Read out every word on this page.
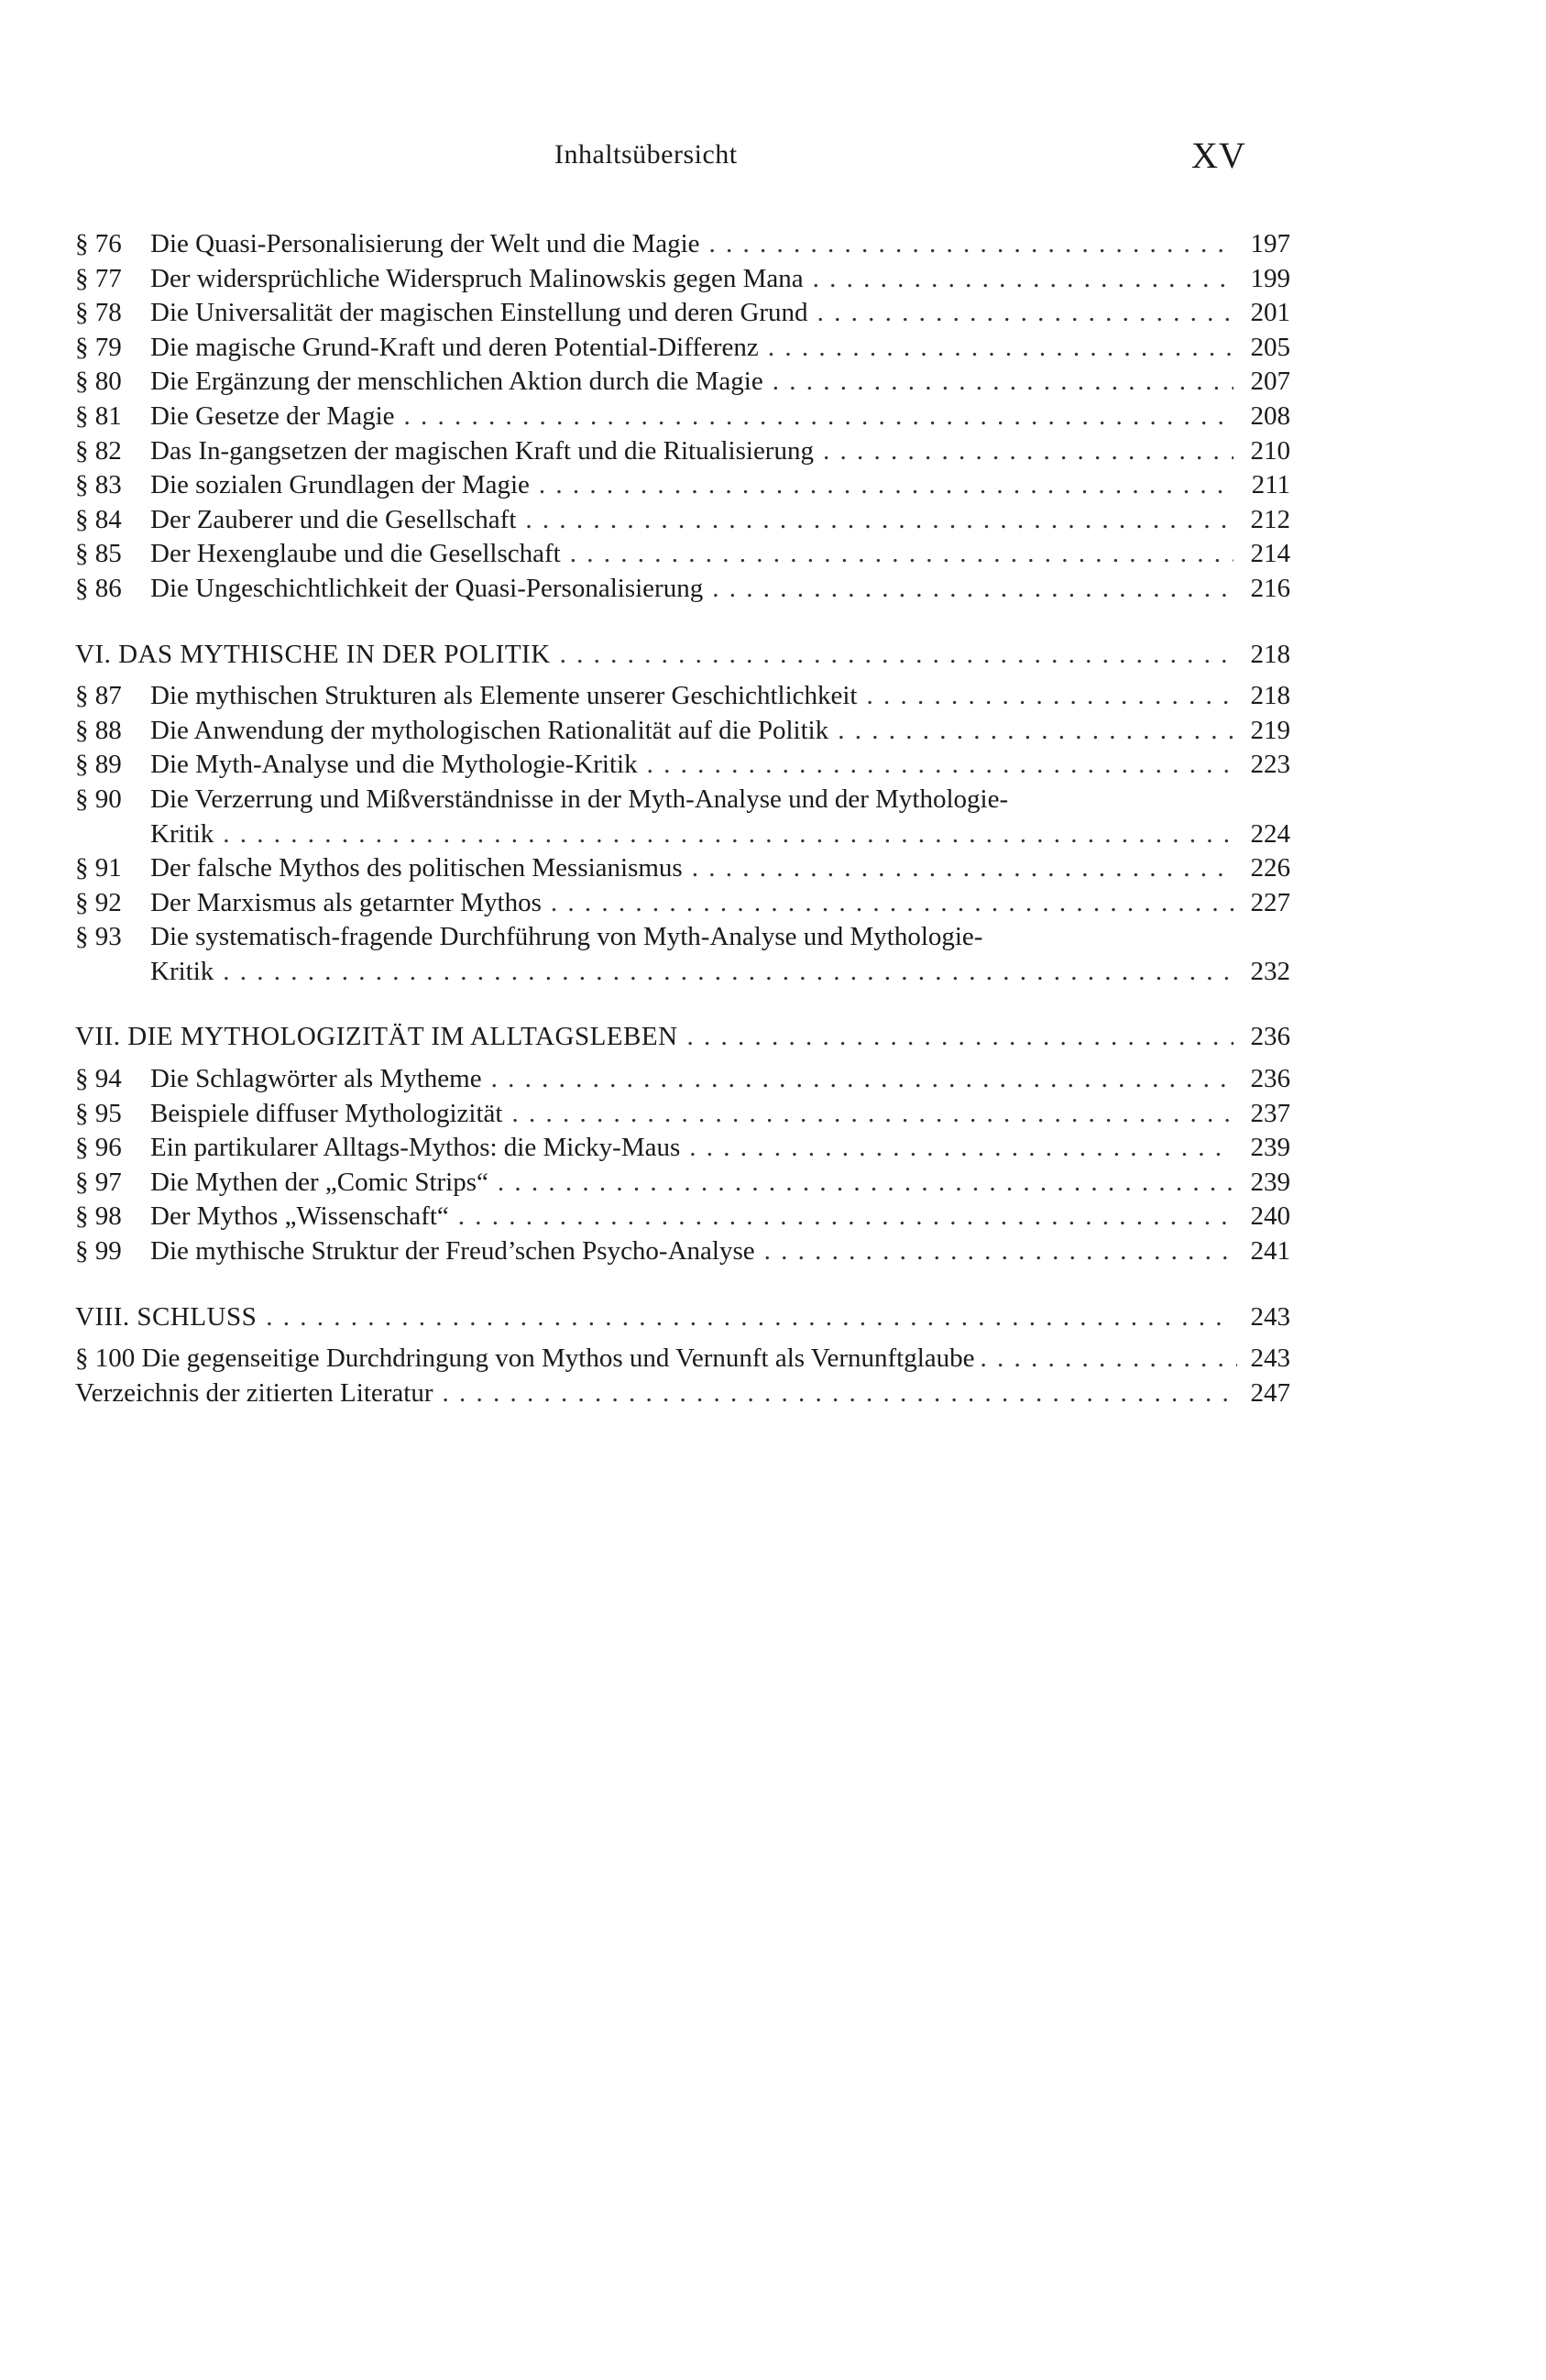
Inhaltsübersicht	XV
§ 76	Die Quasi-Personalisierung der Welt und die Magie . . .	197
§ 77	Der widersprüchliche Widerspruch Malinowskis gegen Mana . . .	199
§ 78	Die Universalität der magischen Einstellung und deren Grund . . .	201
§ 79	Die magische Grund-Kraft und deren Potential-Differenz . . .	205
§ 80	Die Ergänzung der menschlichen Aktion durch die Magie . . .	207
§ 81	Die Gesetze der Magie . . .	208
§ 82	Das In-gangsetzen der magischen Kraft und die Ritualisierung . . .	210
§ 83	Die sozialen Grundlagen der Magie . . .	211
§ 84	Der Zauberer und die Gesellschaft . . .	212
§ 85	Der Hexenglaube und die Gesellschaft . . .	214
§ 86	Die Ungeschichtlichkeit der Quasi-Personalisierung . . .	216
VI. DAS MYTHISCHE IN DER POLITIK . . .	218
§ 87	Die mythischen Strukturen als Elemente unserer Geschichtlichkeit . . .	218
§ 88	Die Anwendung der mythologischen Rationalität auf die Politik . . .	219
§ 89	Die Myth-Analyse und die Mythologie-Kritik . . .	223
§ 90	Die Verzerrung und Mißverständnisse in der Myth-Analyse und der Mythologie-
Kritik . . .	224
§ 91	Der falsche Mythos des politischen Messianismus . . .	226
§ 92	Der Marxismus als getarnter Mythos . . .	227
§ 93	Die systematisch-fragende Durchführung von Myth-Analyse und Mythologie-
Kritik . . .	232
VII. DIE MYTHOLOGIZITÄT IM ALLTAGSLEBEN . . .	236
§ 94	Die Schlagwörter als Mytheme . . .	236
§ 95	Beispiele diffuser Mythologizität . . .	237
§ 96	Ein partikularer Alltags-Mythos: die Micky-Maus . . .	239
§ 97	Die Mythen der „Comic Strips“ . . .	239
§ 98	Der Mythos „Wissenschaft“ . . .	240
§ 99	Die mythische Struktur der Freud’schen Psycho-Analyse . . .	241
VIII. SCHLUSS . . .	243
§ 100 Die gegenseitige Durchdringung von Mythos und Vernunft als Vernunftglaube . . .	243
Verzeichnis der zitierten Literatur . . .	247
